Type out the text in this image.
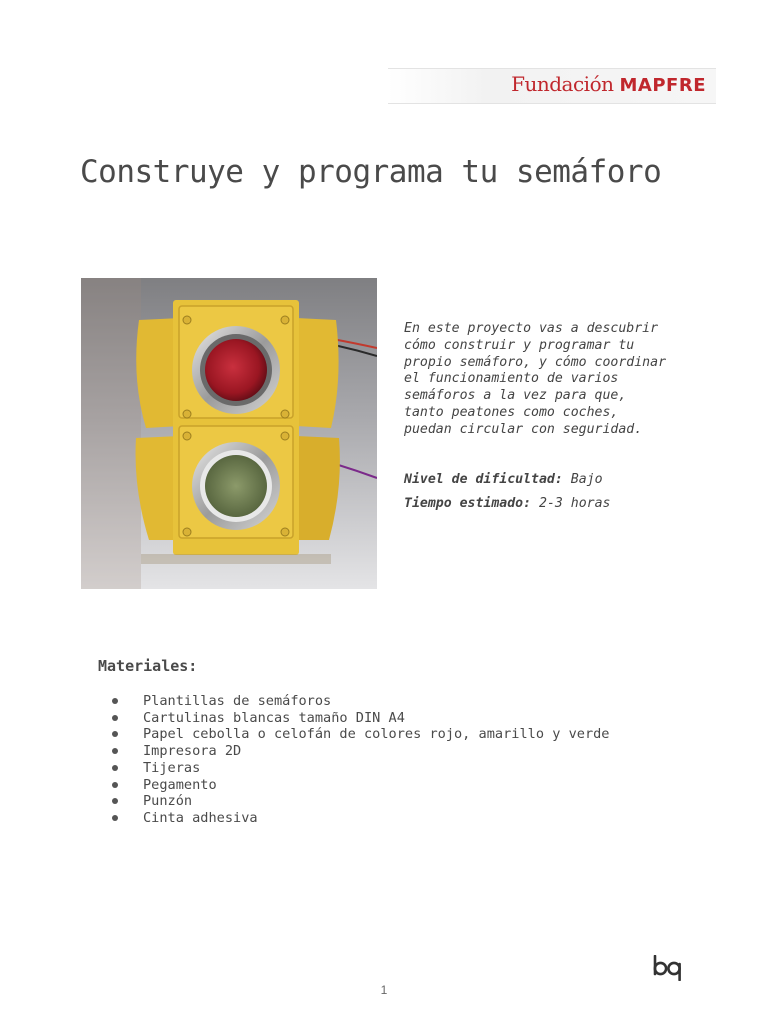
Fundación MAPFRE
Construye y programa tu semáforo
En este proyecto vas a descubrir
cómo construir y programar tu
propio semáforo, y cómo coordinar
el funcionamiento de varios
semáforos a la vez para que,
tanto peatones como coches,
puedan circular con seguridad.
Nivel de dificultad: Bajo
Tiempo estimado: 2-3 horas
Materiales:
Plantillas de semáforos
Cartulinas blancas tamaño DIN A4
Papel cebolla o celofán de colores rojo, amarillo y verde
Impresora 2D
Tijeras
Pegamento
Punzón
Cinta adhesiva
1
